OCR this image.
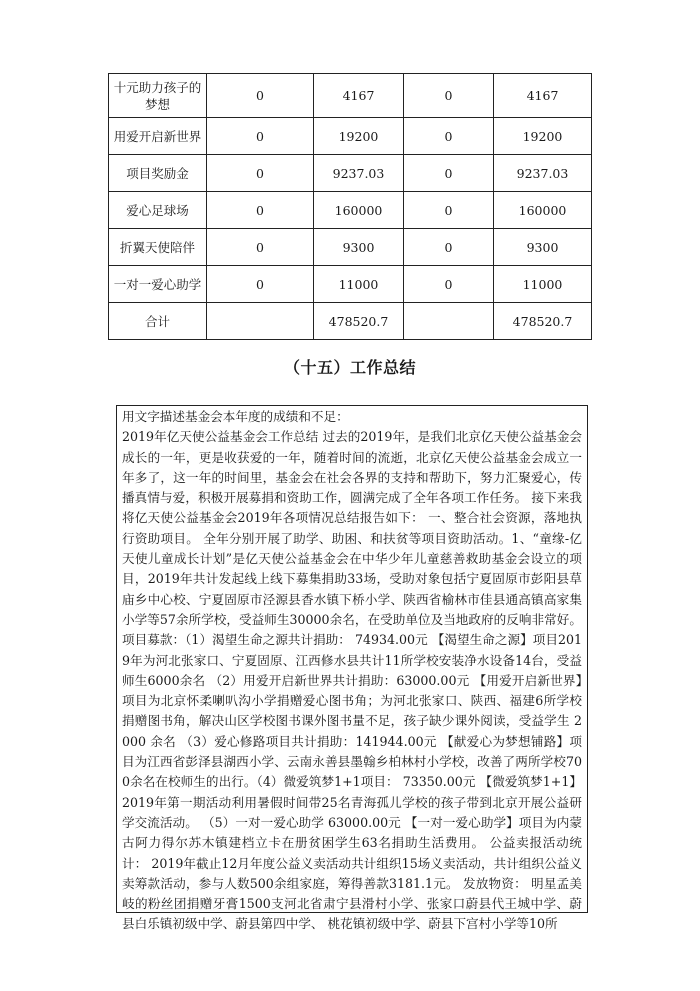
十元助力孩子的梦想	0	4167	0	4167
用爱开启新世界	0	19200	0	19200
项目奖励金	0	9237.03	0	9237.03
爱心足球场	0	160000	0	160000
折翼天使陪伴	0	9300	0	9300
一对一爱心助学	0	11000	0	11000
合计		478520.7		478520.7
（十五）工作总结

用文字描述基金会本年度的成绩和不足：

2019年亿天使公益基金会工作总结 过去的2019年，是我们北京亿天使公益基金会成长的一年，更是收获爱的一年，随着时间的流逝，北京亿天使公益基金会成立一年多了，这一年的时间里，基金会在社会各界的支持和帮助下，努力汇聚爱心，传播真情与爱，积极开展募捐和资助工作，圆满完成了全年各项工作任务。 接下来我将亿天使公益基金会2019年各项情况总结报告如下： 一、整合社会资源，落地执行资助项目。 全年分别开展了助学、助困、和扶贫等项目资助活动。1、“童缘-亿天使儿童成长计划”是亿天使公益基金会在中华少年儿童慈善救助基金会设立的项目，2019年共计发起线上线下募集捐助33场，受助对象包括宁夏固原市彭阳县草庙乡中心校、宁夏固原市泾源县香水镇下桥小学、陕西省榆林市佳县通高镇高家集小学等57余所学校，受益师生30000余名，在受助单位及当地政府的反响非常好。 项目募款：（1）渴望生命之源共计捐助： 74934.00元 【渴望生命之源】项目2019年为河北张家口、宁夏固原、江西修水县共计11所学校安装净水设备14台，受益师生6000余名 （2）用爱开启新世界共计捐助：63000.00元 【用爱开启新世界】项目为北京怀柔喇叭沟小学捐赠爱心图书角；为河北张家口、陕西、福建6所学校捐赠图书角，解决山区学校图书课外图书量不足，孩子缺少课外阅读，受益学生 2000 余名 （3）爱心修路项目共计捐助：141944.00元 【献爱心为梦想铺路】项目为江西省彭泽县湖西小学、云南永善县墨翰乡柏林村小学校，改善了两所学校700余名在校师生的出行。（4）微爱筑梦1+1项目： 73350.00元 【微爱筑梦1+1】2019年第一期活动利用暑假时间带25名青海孤儿学校的孩子带到北京开展公益研学交流活动。 （5）一对一爱心助学 63000.00元 【一对一爱心助学】项目为内蒙古阿力得尔苏木镇建档立卡在册贫困学生63名捐助生活费用。 公益卖报活动统计： 2019年截止12月年度公益义卖活动共计组织15场义卖活动，共计组织公益义卖筹款活动，参与人数500余组家庭，筹得善款3181.1元。 发放物资： 明星孟美岐的粉丝团捐赠牙膏1500支河北省肃宁县滑村小学、张家口蔚县代王城中学、蔚县白乐镇初级中学、蔚县第四中学、 桃花镇初级中学、蔚县下宫村小学等10所
